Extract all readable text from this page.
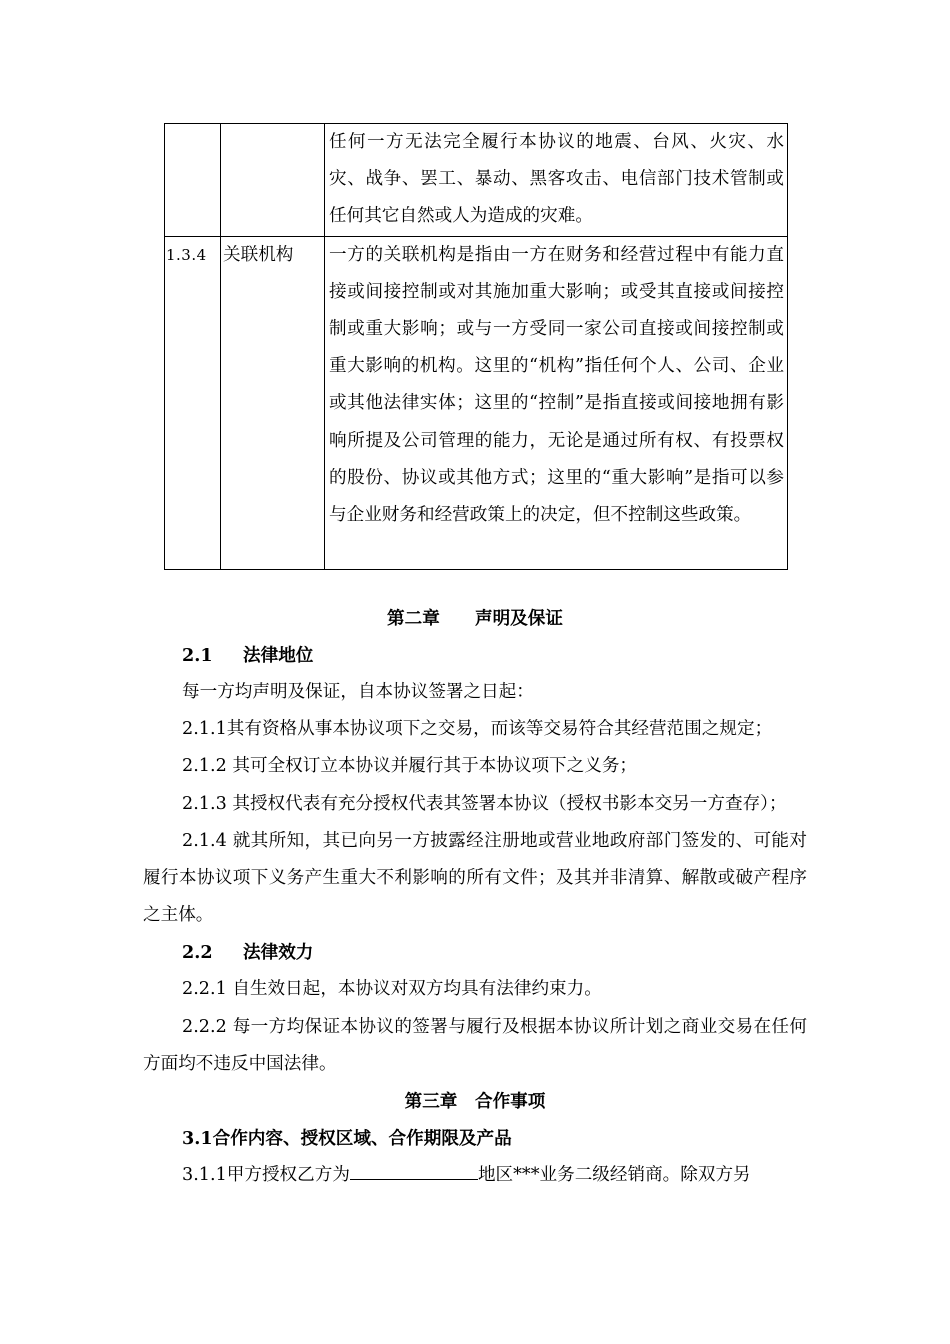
		任何一方无法完全履行本协议的地震、台风、火灾、水灾、战争、罢工、暴动、黑客攻击、电信部门技术管制或任何其它自然或人为造成的灾难。
1.3.4	关联机构	一方的关联机构是指由一方在财务和经营过程中有能力直接或间接控制或对其施加重大影响；或受其直接或间接控制或重大影响；或与一方受同一家公司直接或间接控制或重大影响的机构。这里的“机构”指任何个人、公司、企业或其他法律实体；这里的“控制”是指直接或间接地拥有影响所提及公司管理的能力，无论是通过所有权、有投票权的股份、协议或其他方式；这里的“重大影响”是指可以参与企业财务和经营政策上的决定，但不控制这些政策。

第二章　　声明及保证

2.1 法律地位

每一方均声明及保证，自本协议签署之日起：

2.1.1其有资格从事本协议项下之交易，而该等交易符合其经营范围之规定；

2.1.2 其可全权订立本协议并履行其于本协议项下之义务；

2.1.3 其授权代表有充分授权代表其签署本协议（授权书影本交另一方查存）；

2.1.4 就其所知，其已向另一方披露经注册地或营业地政府部门签发的、可能对履行本协议项下义务产生重大不利影响的所有文件；及其并非清算、解散或破产程序之主体。

2.2 法律效力

2.2.1 自生效日起，本协议对双方均具有法律约束力。

2.2.2 每一方均保证本协议的签署与履行及根据本协议所计划之商业交易在任何方面均不违反中国法律。

第三章　合作事项

3.1合作内容、授权区域、合作期限及产品

3.1.1甲方授权乙方为	地区***业务二级经销商。除双方另
